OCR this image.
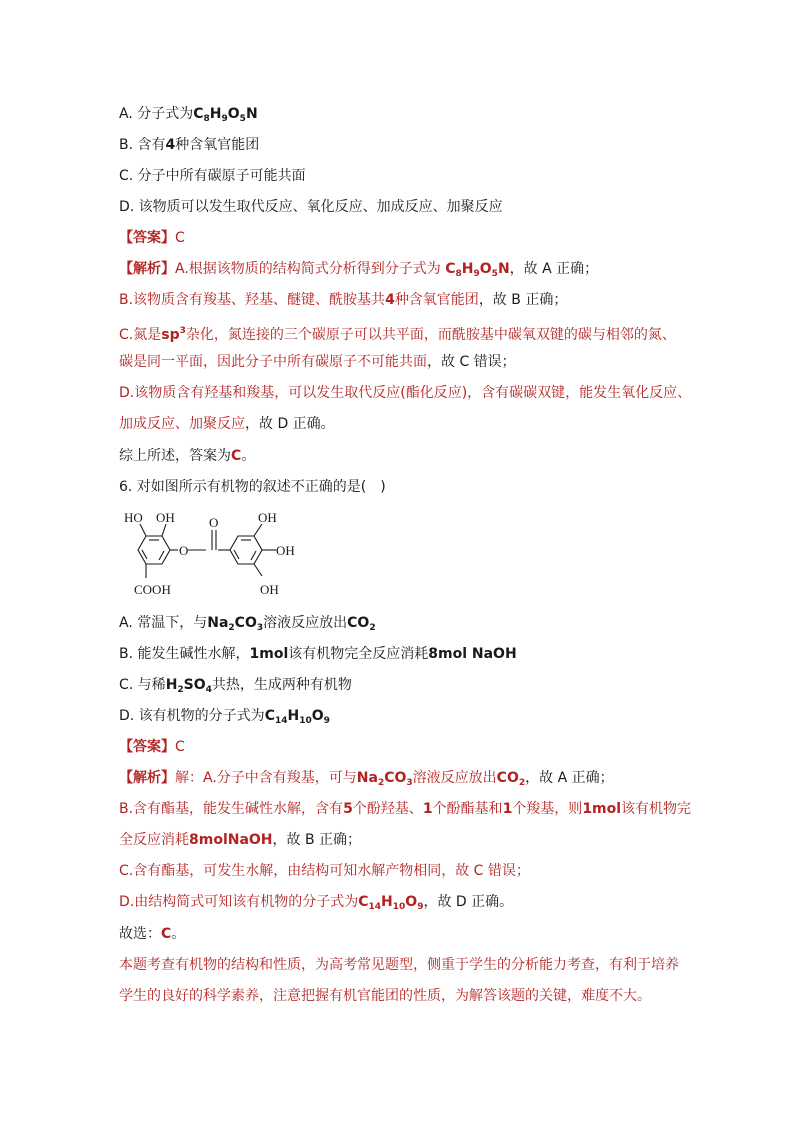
A. 分子式为$C_8H_9O_5N$
B. 含有4种含氧官能团
C. 分子中所有碳原子可能共面
D. 该物质可以发生取代反应、氧化反应、加成反应、加聚反应
【答案】C
【解析】A.根据该物质的结构简式分析得到分子式为 $C_8H_9O_5N$，故 A 正确；
B.该物质含有羧基、羟基、醚键、酰胺基共4种含氧官能团，故 B 正确；
C.氮是$sp^3$杂化，氮连接的三个碳原子可以共平面，而酰胺基中碳氧双键的碳与相邻的氮、
碳是同一平面，因此分子中所有碳原子不可能共面，故 C 错误；
D.该物质含有羟基和羧基，可以发生取代反应(酯化反应)，含有碳碳双键，能发生氧化反应、
加成反应、加聚反应，故 D 正确。
综上所述，答案为C。
6. 对如图所示有机物的叙述不正确的是(　)
HO OH
O
O	OH
OH
OH
COOH
A. 常温下，与$Na_2CO_3$溶液反应放出$CO_2$
B. 能发生碱性水解，1mol该有机物完全反应消耗8mol NaOH
C. 与稀$H_2SO_4$共热，生成两种有机物
D. 该有机物的分子式为$C_{14}H_{10}O_9$
【答案】C
【解析】解：A.分子中含有羧基，可与$Na_2CO_3$溶液反应放出$CO_2$，故 A 正确；
B.含有酯基，能发生碱性水解，含有5个酚羟基、1个酚酯基和1个羧基，则1mol该有机物完
全反应消耗8molNaOH，故 B 正确；
C.含有酯基，可发生水解，由结构可知水解产物相同，故 C 错误；
D.由结构简式可知该有机物的分子式为$C_{14}H_{10}O_9$，故 D 正确。
故选：C。
本题考查有机物的结构和性质，为高考常见题型，侧重于学生的分析能力考查，有利于培养
学生的良好的科学素养，注意把握有机官能团的性质，为解答该题的关键，难度不大。
